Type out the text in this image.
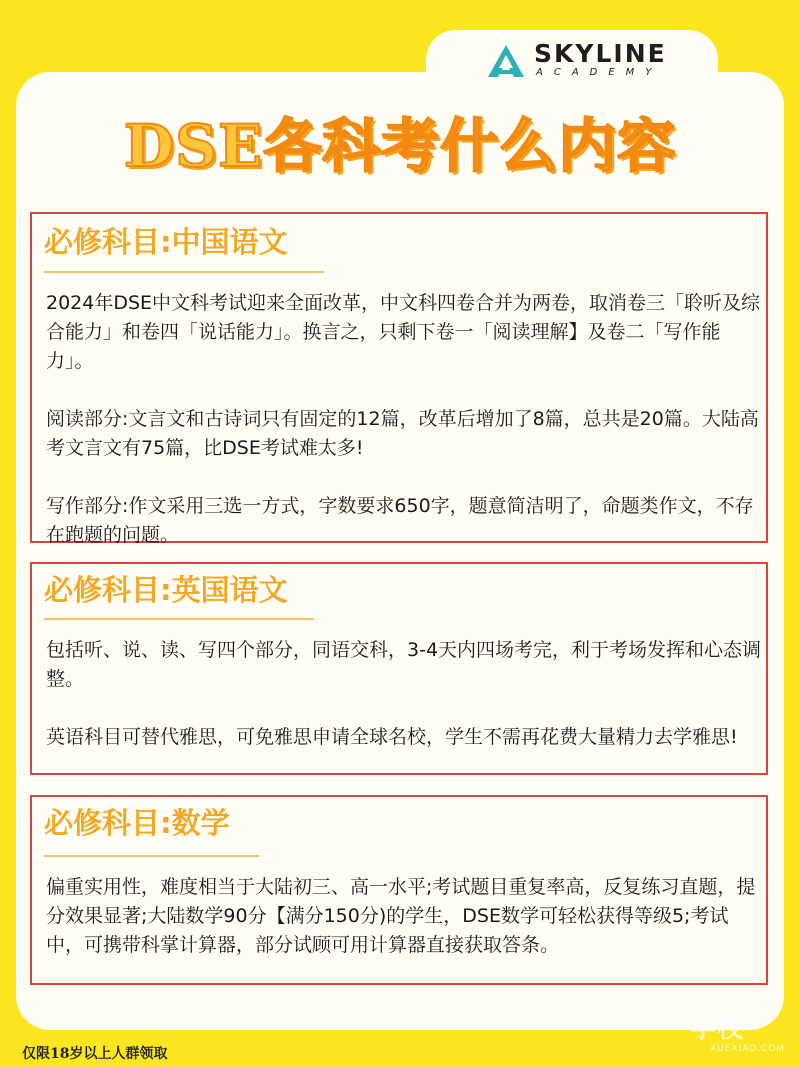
SKYLINE
ACADEMY
DSE各科考什么内容
必修科目:中国语文

2024年DSE中文科考试迎来全面改革，中文科四卷合并为两卷，取消卷三「聆听及综合能力」和卷四「说话能力」。换言之，只剩下卷一「阅读理解】及卷二「写作能力」。

阅读部分:文言文和古诗词只有固定的12篇，改革后增加了8篇，总共是20篇。大陆高考文言文有75篇，比DSE考试难太多!

写作部分:作文采用三选一方式，字数要求650字，题意简洁明了，命题类作文，不存在跑题的问题。

必修科目:英国语文

包括听、说、读、写四个部分，同语交科，3-4天内四场考完，利于考场发挥和心态调整。

英语科目可替代雅思，可免雅思申请全球名校，学生不需再花费大量精力去学雅思!

必修科目:数学

偏重实用性，难度相当于大陆初三、高一水平;考试题目重复率高，反复练习直题，提分效果显著;大陆数学90分【满分150分)的学生，DSE数学可轻松获得等级5;考试中，可携带科掌计算器，部分试顾可用计算器直接获取答条。

仅限18岁以上人群领取
学校
XUEXIAO.COM
